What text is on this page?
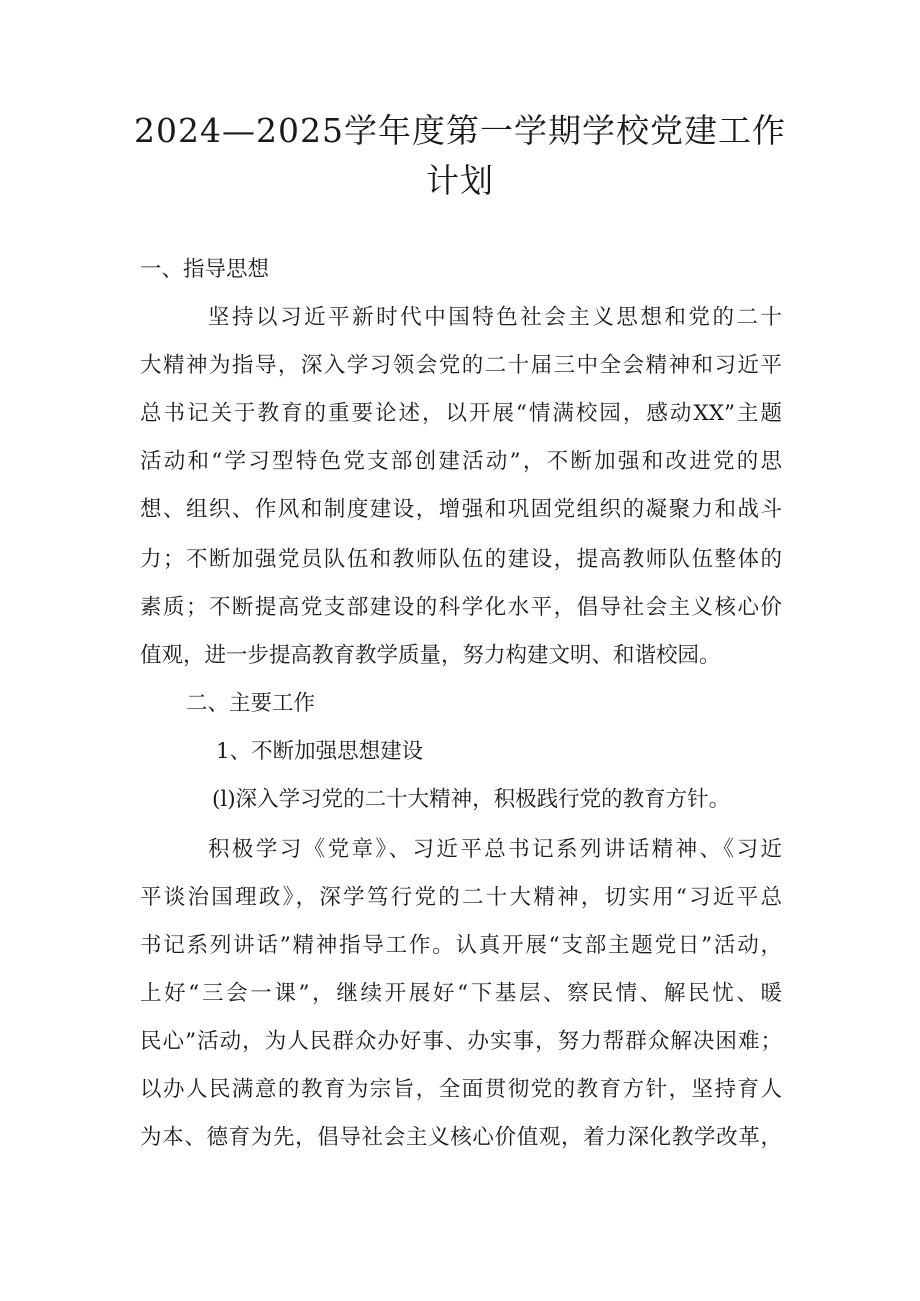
2024—2025学年度第一学期学校党建工作
计划
一、指导思想

坚持以习近平新时代中国特色社会主义思想和党的二十

大精神为指导，深入学习领会党的二十届三中全会精神和习近平

总书记关于教育的重要论述，以开展“情满校园，感动XX”主题

活动和“学习型特色党支部创建活动”，不断加强和改进党的思

想、组织、作风和制度建设，增强和巩固党组织的凝聚力和战斗

力；不断加强党员队伍和教师队伍的建设，提高教师队伍整体的

素质；不断提高党支部建设的科学化水平，倡导社会主义核心价

值观，进一步提高教育教学质量，努力构建文明、和谐校园。

二、主要工作
1、不断加强思想建设

(l)深入学习党的二十大精神，积极践行党的教育方针。

积极学习《党章》、习近平总书记系列讲话精神、《习近

平谈治国理政》，深学笃行党的二十大精神，切实用“习近平总

书记系列讲话”精神指导工作。认真开展“支部主题党日”活动，

上好“三会一课”，继续开展好“下基层、察民情、解民忧、暖

民心”活动，为人民群众办好事、办实事，努力帮群众解决困难；

以办人民满意的教育为宗旨，全面贯彻党的教育方针，坚持育人

为本、德育为先，倡导社会主义核心价值观，着力深化教学改革，
